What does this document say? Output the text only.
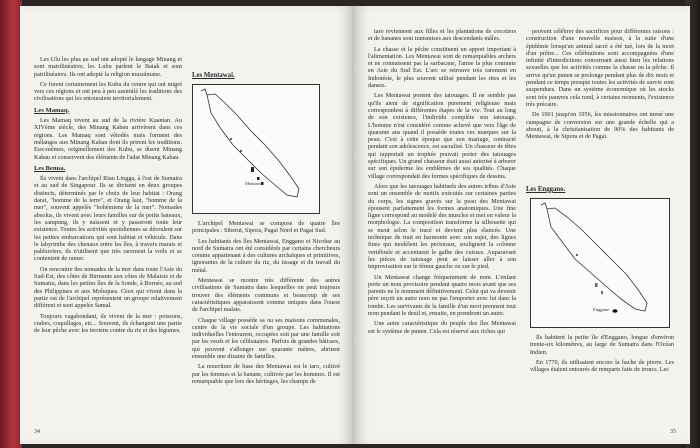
Les Ulu les plus au sud ont adopté le langage Minang et sont matrilinéaires; les Lubu parlent le Batak et sont patrilinéaires. Ils ont adopté la religion musulmane.

Ce furent certainement les Kubu du centre qui ont migré vers ces régions et ont peu à peu assimilé les traditions des civilisations qui les entouraient territorialement.

Les Mamaq.

Les Mamaq vivent au sud de la rivière Kuantan. Au XIVème siècle, des Minang Kabau arrivèrent dans ces régions. Les Mamaq sont vêtodés mais forment des mélanges aux Minang Kabau dont ils prirent les traditions. Eux-mêmes, originellement des Kubu, se disent Minang Kabau et conservent des éléments de l'adat Minang Kabau.

Les Benua.

Ils vivent dans l'archipel Riau Lingga, à l'est de Sumatra et au sud de Singapour. Ils se divisent en deux groupes distincts, déterminés par le choix de leur habitat : Orang darat, "homme de la terre", et Orang laut, "homme de la mer", souvent appelés "bohémiens de la mer". Nomades absolus, ils vivent avec leurs familles sur de petits bateaux, les sampung, ils y naissent et y passeront toute leur existence. Toutes les activités quotidiennes se déroulent sur les petites embarcations qui sont habitat et véhicule. Dans le labyrinthe des chenaux entre les îles, à travers marais et palétuviers, ils n'utilisent que très rarement la voile et se contentent de ramer.

On rencontre des nomades de la mer dans toute l'Asie du Sud-Est, des côtes de Birmanie aux côtes de Malaisie et de Sumatra, dans les petites îles de la Sonde, à Bornéo, au sud des Philippines et aux Moluques. Ceux qui vivent dans la partie est de l'archipel représentent un groupe relativement différent et sont appelés Samal.

Toujours vagabondant, ils vivent de la mer : poissons, crabes, coquillages, etc... Souvent, ils échangent une partie de leur pêche avec les terriens contre du riz et des légumes.

Les Mentawai.
Mentawai

L'archipel Mentawai se compose de quatre îles principales : Siberut, Sipora, Pagai Nord et Pagai Sud.

Les habitants des îles Mentawai, Enggano et Nicobar au nord de Sumatra ont été considérés par certains chercheurs comme appartenant à des cultures archaïques et primitives, ignorantes de la culture du riz, du tissage et du travail du métal.

Mentawai se montre très différente des autres civilisations de Sumatra dans lesquelles on peut toujours trouver des éléments communs et beaucoup de ses caractéristiques apparaissent comme uniques dans l'ouest de l'archipel malais.

Chaque village possède sa ou ses maisons communales, centre de la vie sociale d'un groupe. Les habitations individuelles l'entourent, occupées soit par une famille soit par les veufs et les célibataires. Parfois de grandes bâtisses, qui peuvent s'allonger sur quarante mètres, abritent ensemble une dizaine de familles.

La nourriture de base des Mentawai est le taro, cultivé par les femmes et la banane, cultivée par les hommes. Il est remarquable que lors des héritages, les champs de

34

taro reviennent aux filles et les plantations de cocotiers et de bananes sont transmises aux descendants mâles.

La chasse et la pêche constituent un apport important à l'alimentation. Les Mentawai sont de remarquables archers et ne connaissent pas la sarbacane, l'arme la plus courante en Asie du Sud Est. L'arc se retrouve très rarement en Indonésie, le plus souvent utilisé pendant les rites et les danses.

Les Mentawai portent des tatouages. Il ne semble pas qu'ils aient de signification purement religieuse mais correspondent à différentes étapes de la vie. Tout au long de son existence, l'individu complète son tatouage. L'homme n'est considéré comme achevé que vers l'âge de quarante ans quand il possède toutes ces marques sur la peau. C'est à cette époque que son mariage, contracté pendant son adolescence, est sacralisé. Un chasseur de têtes qui rapportait un trophée pouvait porter des tatouages spécifiques. Un grand chasseur était aussi autorisé à arborer sur son épiderme les emblèmes de ses qualités. Chaque village correspondait des formes spécifiques de dessins.

Alors que les tatouages habituels des autres tribus d'Asie sont un ensemble de motifs exécutés sur certaines parties du corps, les signes gravés sur la peau des Mentawai épousent parfaitement les formes anatomiques. Une fine ligne correspond au modelé des muscles et met en valeur la morphologie. La composition transforme la silhouette qui se meut selon le tracé et devient plus élancée. Une technique de trait en harmonie avec son sujet, des lignes fines qui modèlent les pectoraux, soulignent la colonne vertébrale et accentuent le galbe des cuisses. Auparavant les pièces de tatouage peut se laisser aller à son improvisation sur le fémur gauche ou sur le pied.

Un Mentawai change fréquemment de nom. L'enfant porte un nom provisoire pendant quatre mois avant que ses parents ne le nomment définitivement. Celui qui va devenir père reçoit un autre nom ne pas l'emporter avec lui dans la tombe. Les survivants de la famille d'un mort prennent tout nom pendant le deuil et, ensuite, en prendront un autre.

Une autre caractéristique du peuple des îles Mentawai est le système de punen. Cela est réservé aux riches qui

peuvent célébrer des sacrifices pour différentes raisons : construction d'une nouvelle maison, à la suite d'une épidémie lorsqu'un animal sacré a été tué, lors de la mort d'un prêtre... Ces célébrations sont accompagnées d'une infinité d'interdictions concernant aussi bien les relations sexuelles que les activités comme la chasse ou la pêche. Il arrive qu'un punen se prolonge pendant plus de dix mois et pendant ce temps presque toutes les activités de survie sont suspendues. Dans un système économique où les stocks sont très pauvres cela rend, à certains moments, l'existence très précaire.

De 1901 jusqu'en 1956, les missionnaires ont mené une campagne de conversion sur une grande échelle qui a abouti, à la christianisation de 90% des habitants de Mentawai, de Sipora et de Pagai.

Les Enggano.
Enggano

Ils habitent la petite île d'Enggano, longue d'environ trente-six kilomètres, au large de Sumatra dans l'Océan Indien.

En 1770, ils utilisaient encore la hache de pierre. Les villages étaient entourés de remparts faits de troncs. Les

35
